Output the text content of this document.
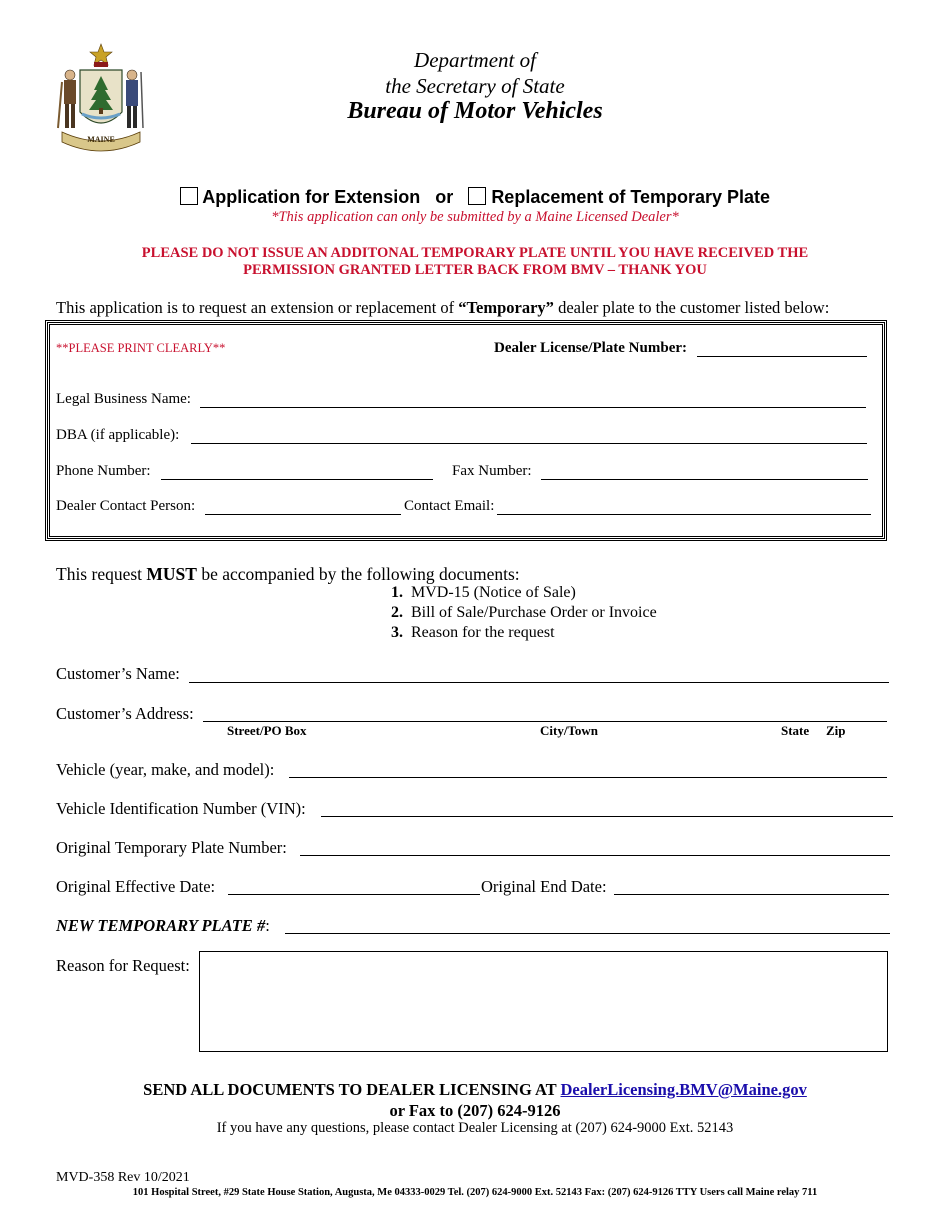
MAINE
Department of
the Secretary of State
Bureau of Motor Vehicles
Application for Extension or Replacement of Temporary Plate
*This application can only be submitted by a Maine Licensed Dealer*
PLEASE DO NOT ISSUE AN ADDITONAL TEMPORARY PLATE UNTIL YOU HAVE RECEIVED THE
PERMISSION GRANTED LETTER BACK FROM BMV – THANK YOU
This application is to request an extension or replacement of “Temporary” dealer plate to the customer listed below:
**PLEASE PRINT CLEARLY**	Dealer License/Plate Number:
Legal Business Name:
DBA (if applicable):
Phone Number:	Fax Number:
Dealer Contact Person:	Contact Email:
This request MUST be accompanied by the following documents:
1. MVD-15 (Notice of Sale)
2. Bill of Sale/Purchase Order or Invoice
3. Reason for the request
Customer’s Name:
Customer’s Address:
Street/PO Box	City/Town	State Zip
Vehicle (year, make, and model):
Vehicle Identification Number (VIN):
Original Temporary Plate Number:
Original Effective Date:	Original End Date:
NEW TEMPORARY PLATE #:
Reason for Request:
SEND ALL DOCUMENTS TO DEALER LICENSING AT DealerLicensing.BMV@Maine.gov
or Fax to (207) 624-9126
If you have any questions, please contact Dealer Licensing at (207) 624-9000 Ext. 52143
MVD-358 Rev 10/2021
101 Hospital Street, #29 State House Station, Augusta, Me 04333-0029 Tel. (207) 624-9000 Ext. 52143 Fax: (207) 624-9126 TTY Users call Maine relay 711
